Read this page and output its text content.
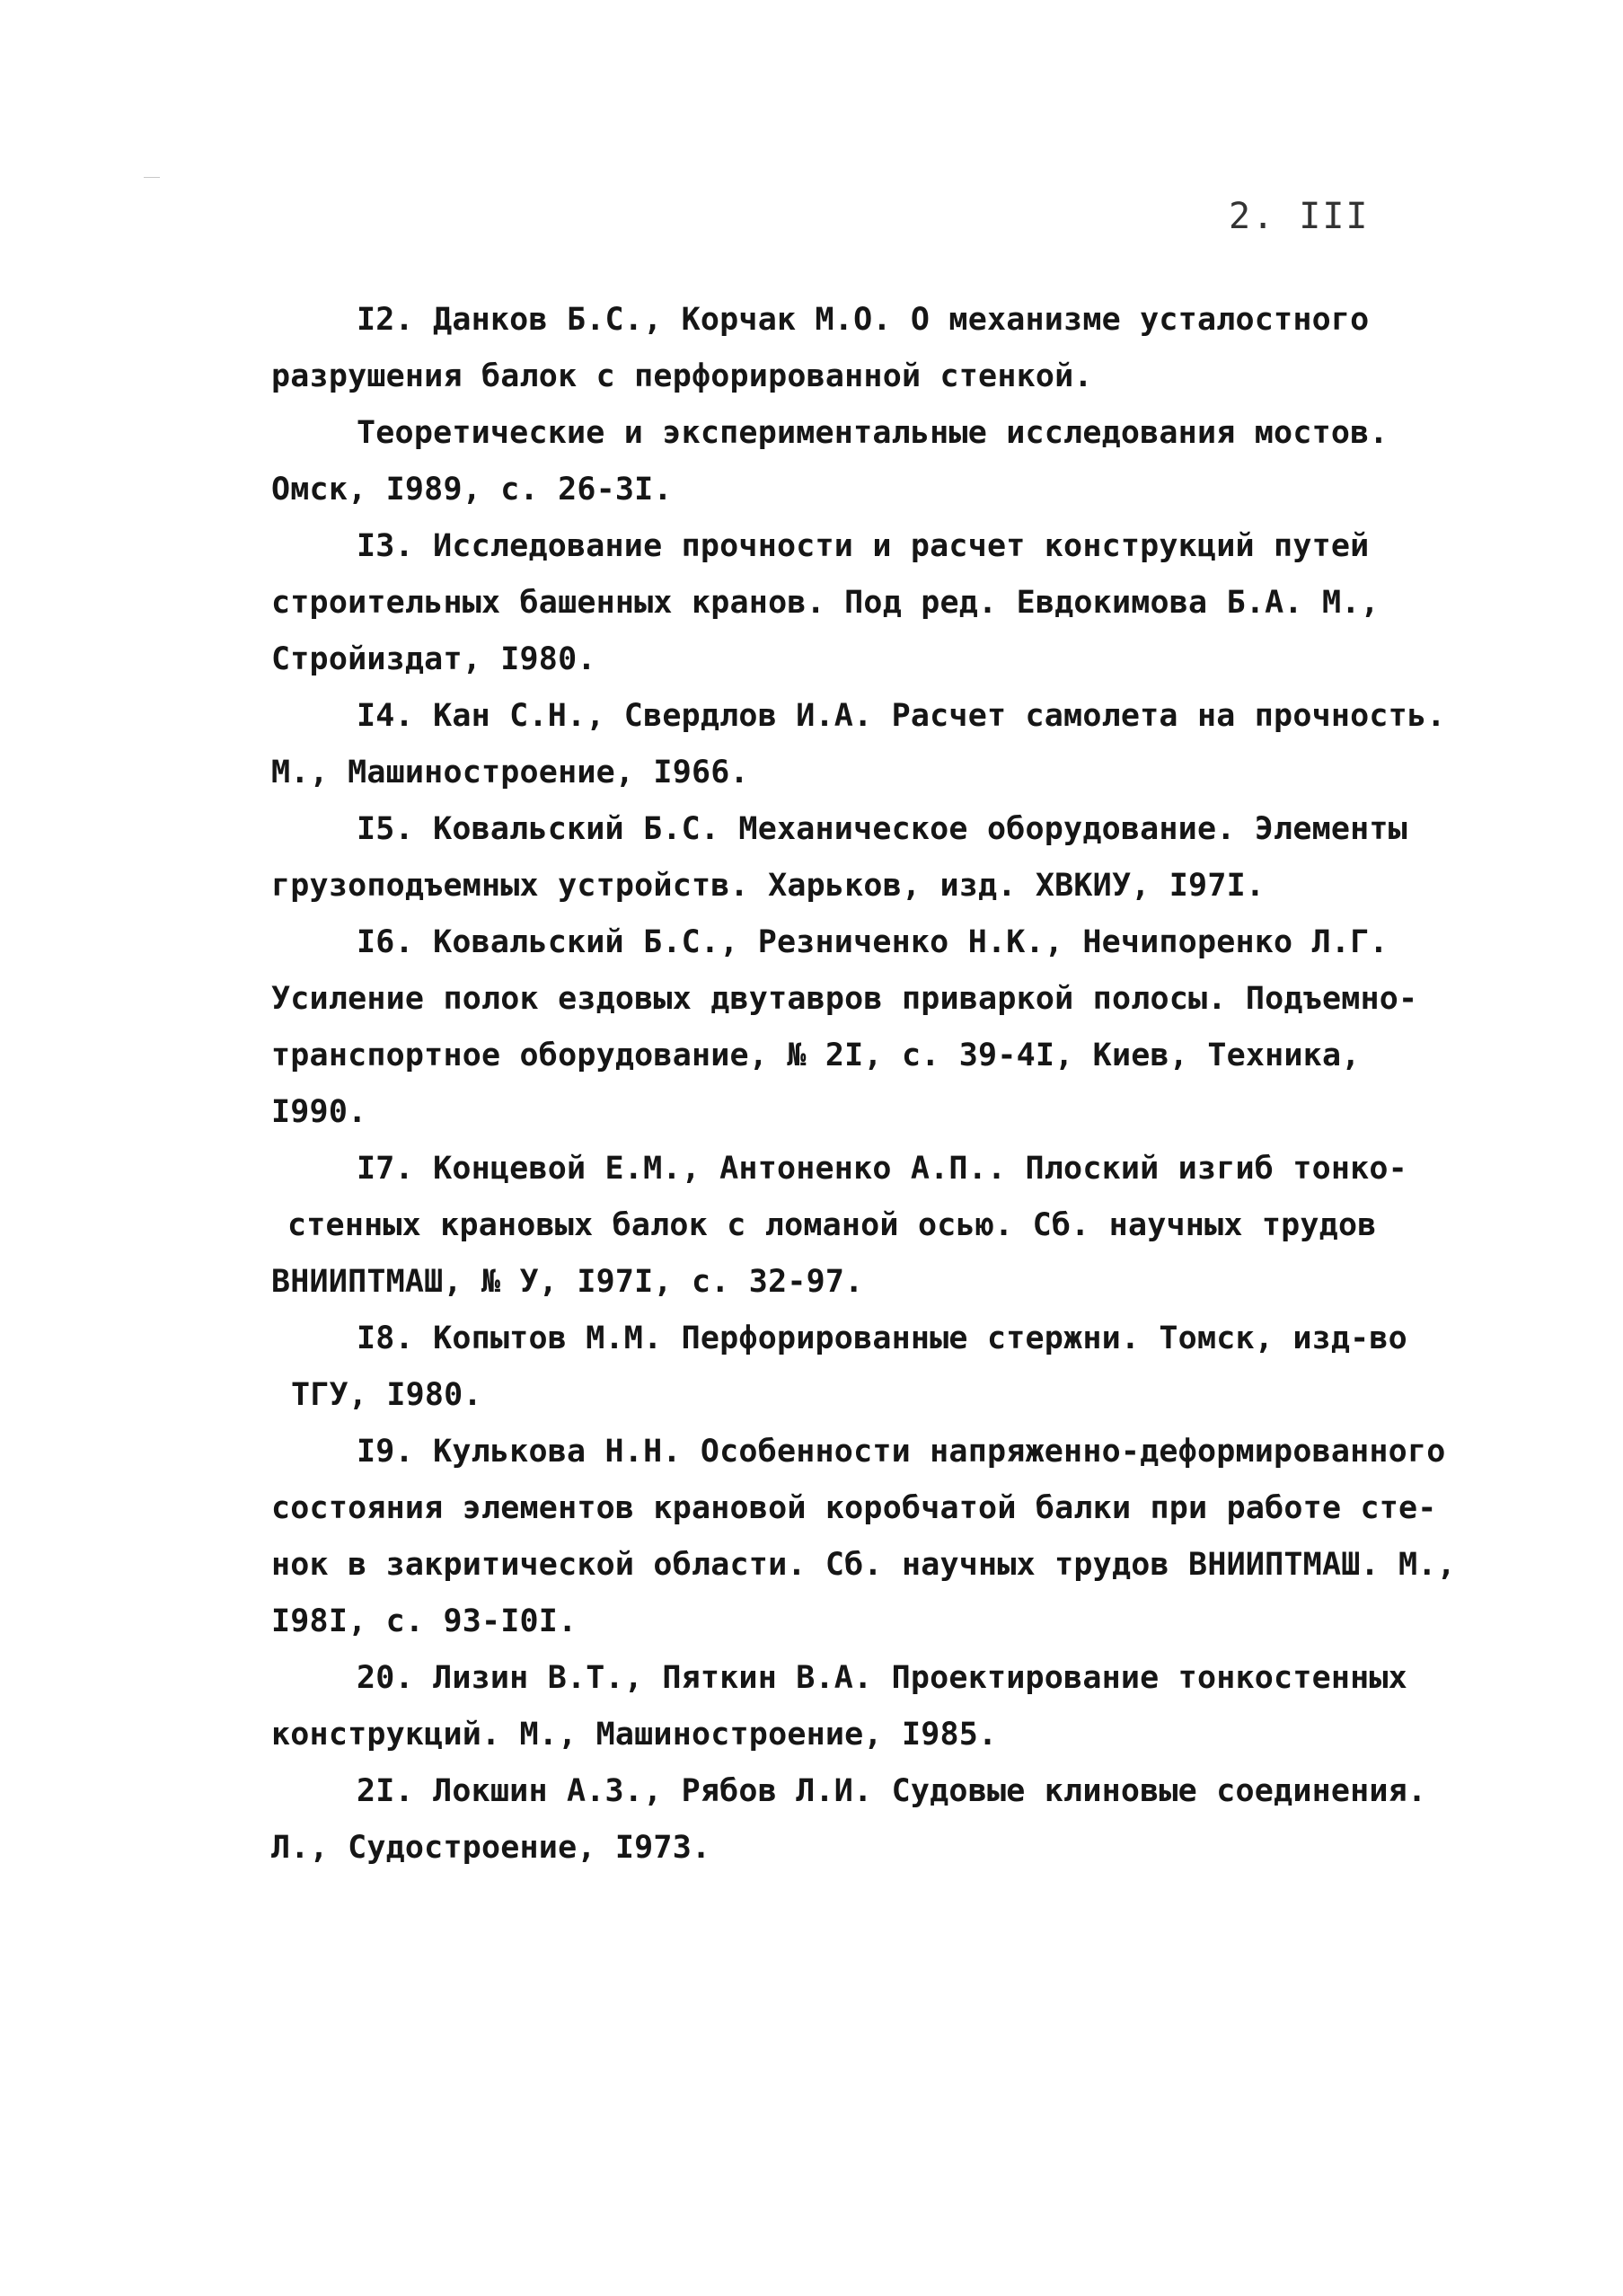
2. III
I2. Данков Б.С., Корчак М.О. О механизме усталостного
разрушения балок с перфорированной стенкой.
Теоретические и экспериментальные исследования мостов.
Омск, I989, с. 26-3I.
I3. Исследование прочности и расчет конструкций путей
строительных башенных кранов. Под ред. Евдокимова Б.А. М.,
Стройиздат, I980.
I4. Кан С.Н., Свердлов И.А. Расчет самолета на прочность.
М., Машиностроение, I966.
I5. Ковальский Б.С. Механическое оборудование. Элементы
грузоподъемных устройств. Харьков, изд. ХВКИУ, I97I.
I6. Ковальский Б.С., Резниченко Н.К., Нечипоренко Л.Г.
Усиление полок ездовых двутавров приваркой полосы. Подъемно-
транспортное оборудование, № 2I, с. 39-4I, Киев, Техника,
I990.
I7. Концевой Е.М., Антоненко А.П.. Плоский изгиб тонко-
стенных крановых балок с ломаной осью. Сб. научных трудов
ВНИИПТМАШ, № У, I97I, с. 32-97.
I8. Копытов М.М. Перфорированные стержни. Томск, изд-во
ТГУ, I980.
I9. Кулькова Н.Н. Особенности напряженно-деформированного
состояния элементов крановой коробчатой балки при работе сте-
нок в закритической области. Сб. научных трудов ВНИИПТМАШ. М.,
I98I, с. 93-I0I.
20. Лизин В.Т., Пяткин В.А. Проектирование тонкостенных
конструкций. М., Машиностроение, I985.
2I. Локшин А.З., Рябов Л.И. Судовые клиновые соединения.
Л., Судостроение, I973.
